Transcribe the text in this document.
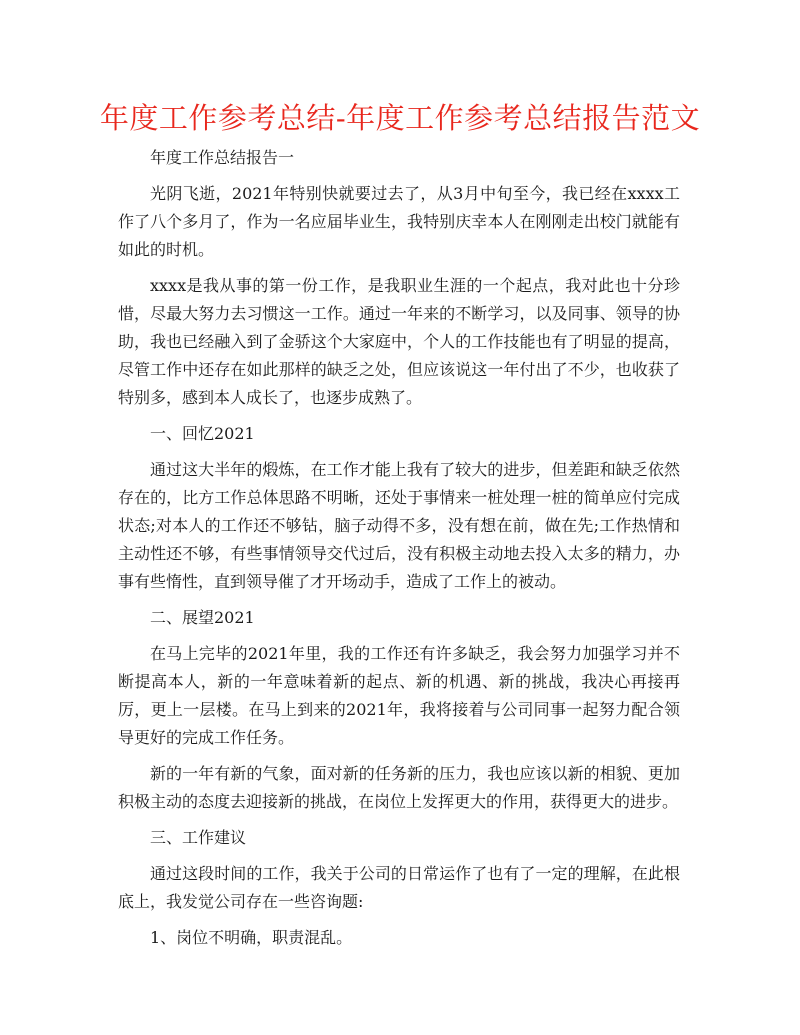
年度工作参考总结-年度工作参考总结报告范文

年度工作总结报告一

光阴飞逝，2021年特别快就要过去了，从3月中旬至今，我已经在xxxx工作了八个多月了，作为一名应届毕业生，我特别庆幸本人在刚刚走出校门就能有如此的时机。

xxxx是我从事的第一份工作，是我职业生涯的一个起点，我对此也十分珍惜，尽最大努力去习惯这一工作。通过一年来的不断学习，以及同事、领导的协助，我也已经融入到了金骄这个大家庭中，个人的工作技能也有了明显的提高，尽管工作中还存在如此那样的缺乏之处，但应该说这一年付出了不少，也收获了特别多，感到本人成长了，也逐步成熟了。

一、回忆2021

通过这大半年的煅炼，在工作才能上我有了较大的进步，但差距和缺乏依然存在的，比方工作总体思路不明晰，还处于事情来一桩处理一桩的简单应付完成状态;对本人的工作还不够钻，脑子动得不多，没有想在前，做在先;工作热情和主动性还不够，有些事情领导交代过后，没有积极主动地去投入太多的精力，办事有些惰性，直到领导催了才开场动手，造成了工作上的被动。

二、展望2021

在马上完毕的2021年里，我的工作还有许多缺乏，我会努力加强学习并不断提高本人，新的一年意味着新的起点、新的机遇、新的挑战，我决心再接再厉，更上一层楼。在马上到来的2021年，我将接着与公司同事一起努力配合领导更好的完成工作任务。

新的一年有新的气象，面对新的任务新的压力，我也应该以新的相貌、更加积极主动的态度去迎接新的挑战，在岗位上发挥更大的作用，获得更大的进步。

三、工作建议

通过这段时间的工作，我关于公司的日常运作了也有了一定的理解，在此根底上，我发觉公司存在一些咨询题:

1、岗位不明确，职责混乱。
